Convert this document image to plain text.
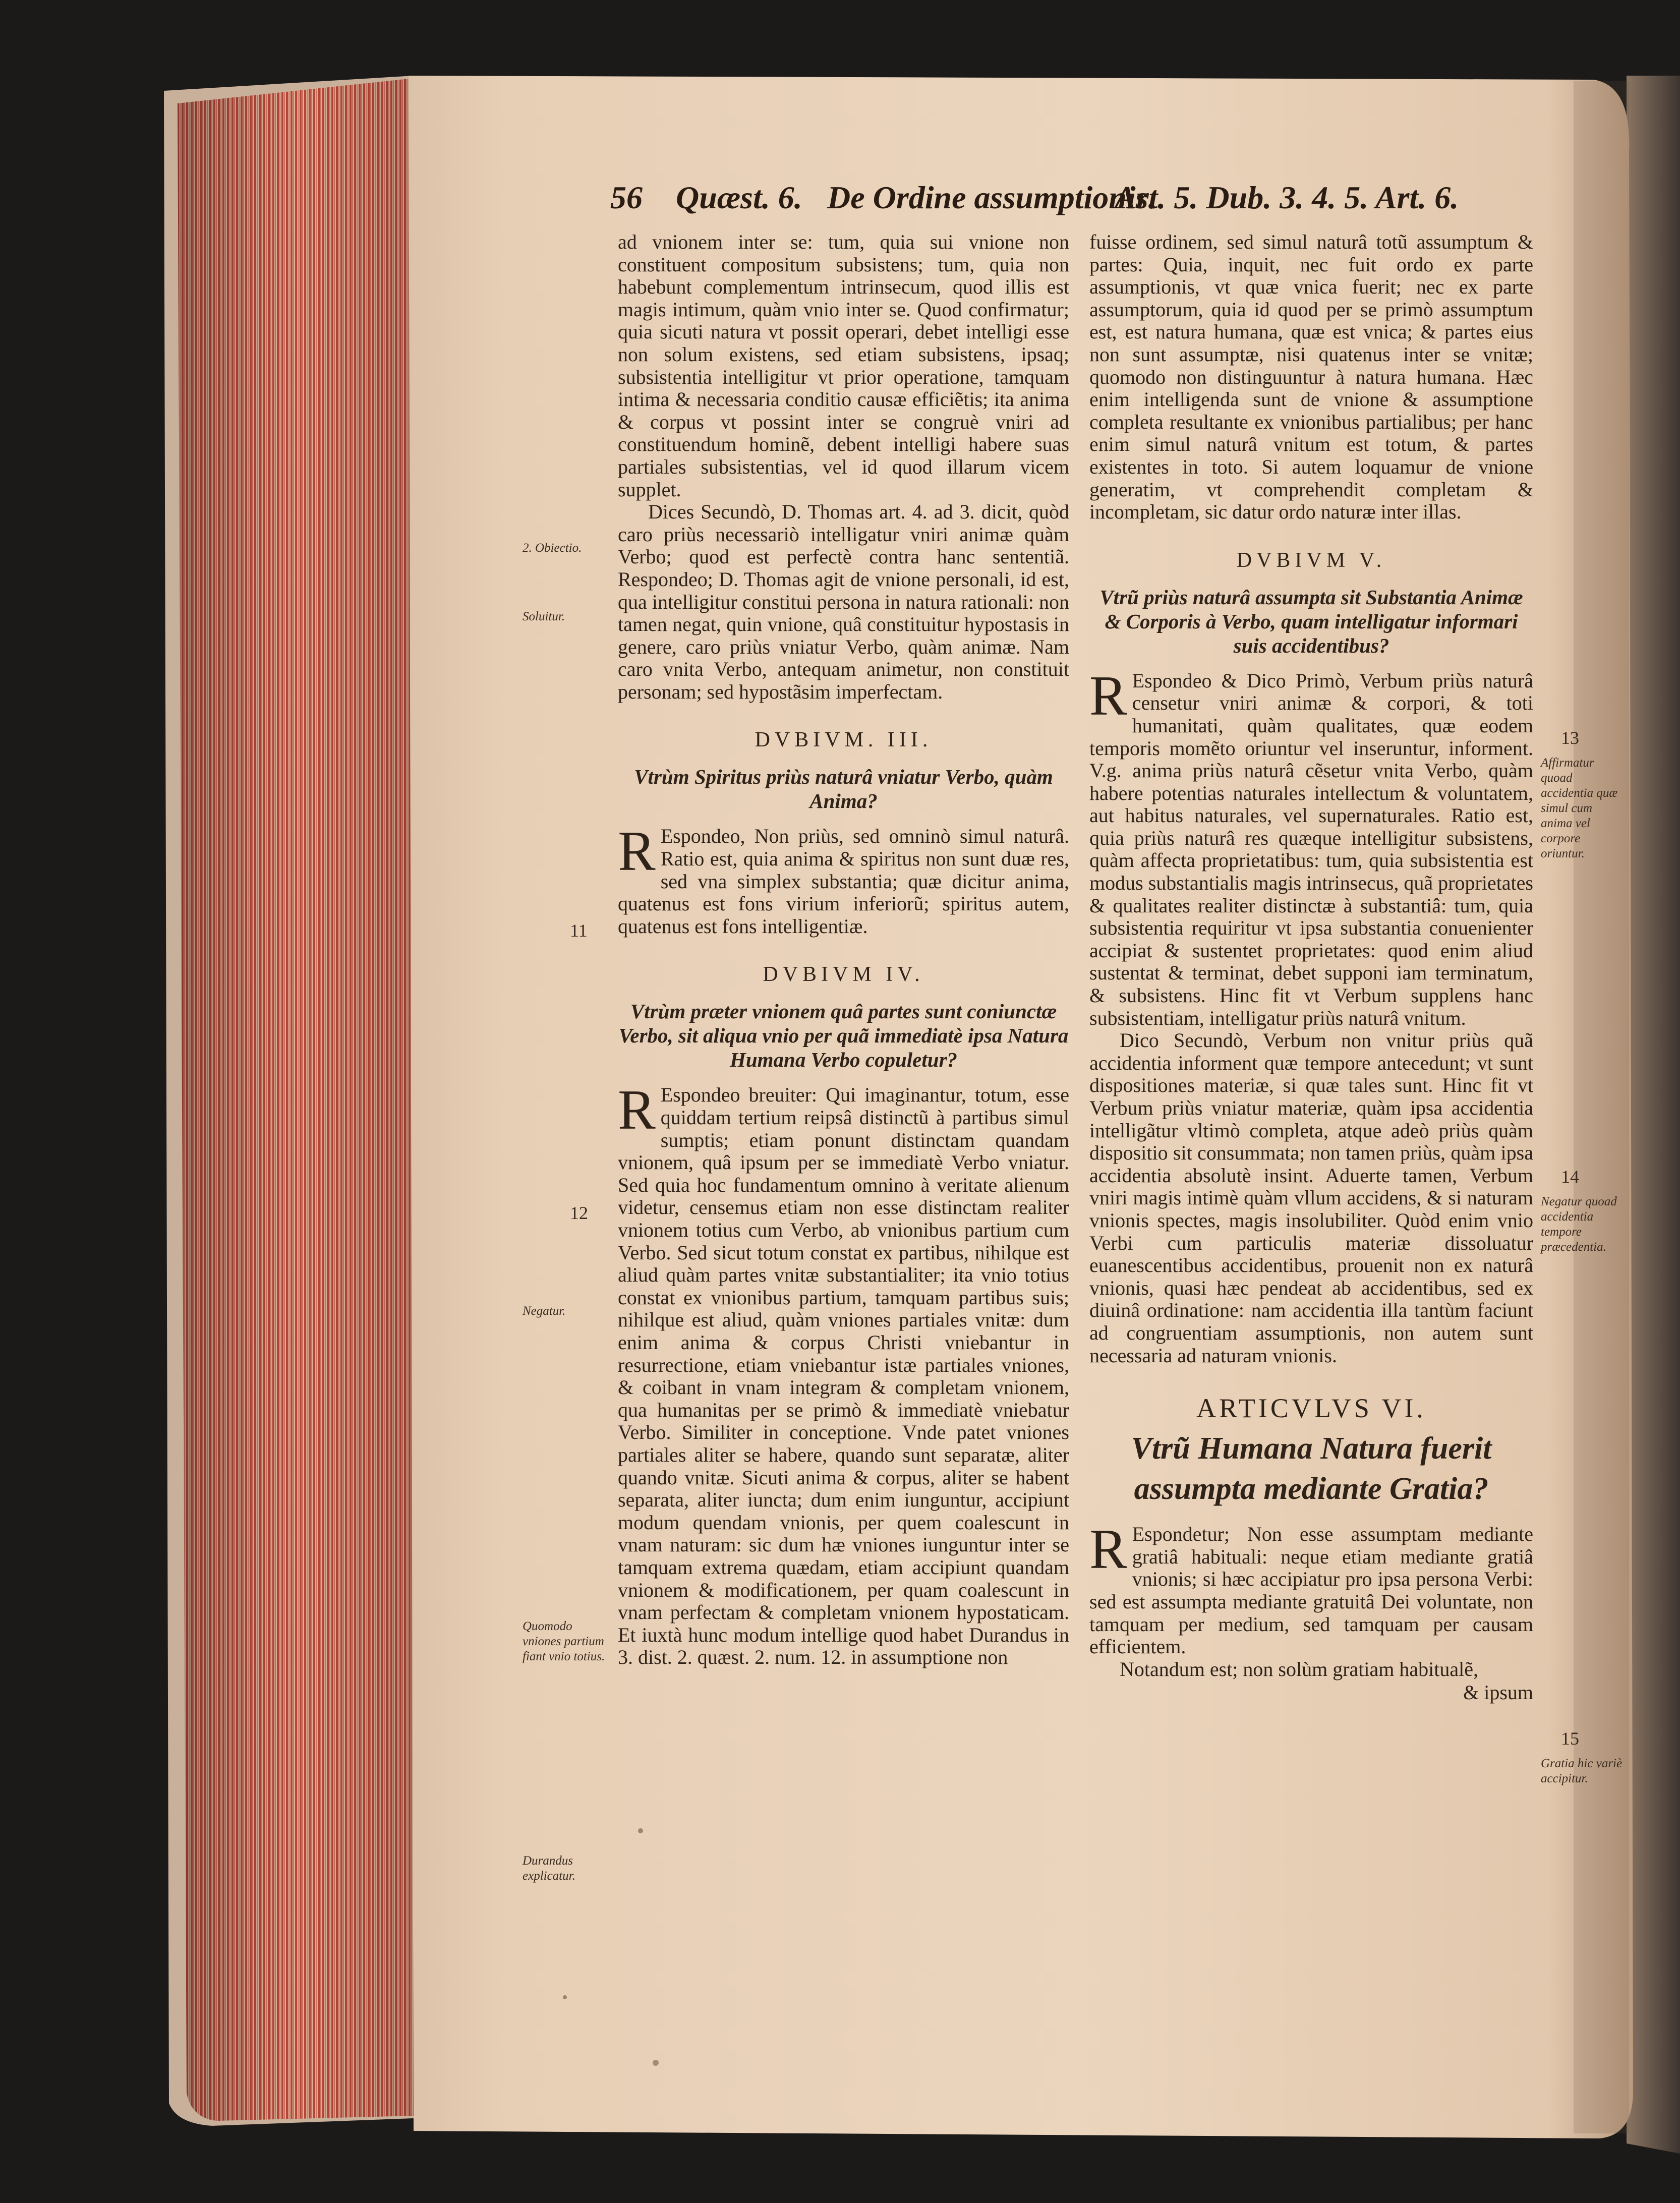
56 Quæst. 6. De Ordine assumptionis.
Art. 5. Dub. 3. 4. 5. Art. 6.

ad vnionem inter se: tum, quia sui vnione non constituent compositum subsistens; tum, quia non habebunt complementum intrinsecum, quod illis est magis intimum, quàm vnio inter se. Quod confirmatur; quia sicuti natura vt possit operari, debet intelligi esse non solum existens, sed etiam subsistens, ipsaq; subsistentia intelligitur vt prior operatione, tamquam intima & necessaria conditio causæ efficiẽtis; ita anima & corpus vt possint inter se congruè vniri ad constituendum hominẽ, debent intelligi habere suas partiales subsistentias, vel id quod illarum vicem supplet.

Dices Secundò, D. Thomas art. 4. ad 3. dicit, quòd caro priùs necessariò intelligatur vniri animæ quàm Verbo; quod est perfectè contra hanc sententiã. Respondeo; D. Thomas agit de vnione personali, id est, qua intelligitur constitui persona in natura rationali: non tamen negat, quin vnione, quâ constituitur hypostasis in genere, caro priùs vniatur Verbo, quàm animæ. Nam caro vnita Verbo, antequam animetur, non constituit personam; sed hypostãsim imperfectam.

DVBIVM. III.
Vtrùm Spiritus priùs naturâ vniatur Verbo, quàm Anima?

R Espondeo, Non priùs, sed omninò simul naturâ. Ratio est, quia anima & spiritus non sunt duæ res, sed vna simplex substantia; quæ dicitur anima, quatenus est fons virium inferiorũ; spiritus autem, quatenus est fons intelligentiæ.

DVBIVM IV.
Vtrùm præter vnionem quâ partes sunt coniunctæ Verbo, sit aliqua vnio per quã immediatè ipsa Natura Humana Verbo copuletur?

R Espondeo breuiter: Qui imaginantur, totum, esse quiddam tertium reipsâ distinctũ à partibus simul sumptis; etiam ponunt distinctam quandam vnionem, quâ ipsum per se immediatè Verbo vniatur. Sed quia hoc fundamentum omnino à veritate alienum videtur, censemus etiam non esse distinctam realiter vnionem totius cum Verbo, ab vnionibus partium cum Verbo. Sed sicut totum constat ex partibus, nihilque est aliud quàm partes vnitæ substantialiter; ita vnio totius constat ex vnionibus partium, tamquam partibus suis; nihilque est aliud, quàm vniones partiales vnitæ: dum enim anima & corpus Christi vniebantur in resurrectione, etiam vniebantur istæ partiales vniones, & coibant in vnam integram & completam vnionem, qua humanitas per se primò & immediatè vniebatur Verbo. Similiter in conceptione. Vnde patet vniones partiales aliter se habere, quando sunt separatæ, aliter quando vnitæ. Sicuti anima & corpus, aliter se habent separata, aliter iuncta; dum enim iunguntur, accipiunt modum quendam vnionis, per quem coalescunt in vnam naturam: sic dum hæ vniones iunguntur inter se tamquam extrema quædam, etiam accipiunt quandam vnionem & modificationem, per quam coalescunt in vnam perfectam & completam vnionem hypostaticam. Et iuxtà hunc modum intellige quod habet Durandus in 3. dist. 2. quæst. 2. num. 12. in assumptione non

fuisse ordinem, sed simul naturâ totũ assumptum & partes: Quia, inquit, nec fuit ordo ex parte assumptionis, vt quæ vnica fuerit; nec ex parte assumptorum, quia id quod per se primò assumptum est, est natura humana, quæ est vnica; & partes eius non sunt assumptæ, nisi quatenus inter se vnitæ; quomodo non distinguuntur à natura humana. Hæc enim intelligenda sunt de vnione & assumptione completa resultante ex vnionibus partialibus; per hanc enim simul naturâ vnitum est totum, & partes existentes in toto. Si autem loquamur de vnione generatim, vt comprehendit completam & incompletam, sic datur ordo naturæ inter illas.

DVBIVM V.
Vtrũ priùs naturâ assumpta sit Substantia Animæ & Corporis à Verbo, quam intelligatur informari suis accidentibus?

R Espondeo & Dico Primò, Verbum priùs naturâ censetur vniri animæ & corpori, & toti humanitati, quàm qualitates, quæ eodem temporis momẽto oriuntur vel inseruntur, informent. V.g. anima priùs naturâ cẽsetur vnita Verbo, quàm habere potentias naturales intellectum & voluntatem, aut habitus naturales, vel supernaturales. Ratio est, quia priùs naturâ res quæque intelligitur subsistens, quàm affecta proprietatibus: tum, quia subsistentia est modus substantialis magis intrinsecus, quã proprietates & qualitates realiter distinctæ à substantiâ: tum, quia subsistentia requiritur vt ipsa substantia conuenienter accipiat & sustentet proprietates: quod enim aliud sustentat & terminat, debet supponi iam terminatum, & subsistens. Hinc fit vt Verbum supplens hanc subsistentiam, intelligatur priùs naturâ vnitum.

Dico Secundò, Verbum non vnitur priùs quã accidentia informent quæ tempore antecedunt; vt sunt dispositiones materiæ, si quæ tales sunt. Hinc fit vt Verbum priùs vniatur materiæ, quàm ipsa accidentia intelligãtur vltimò completa, atque adeò priùs quàm dispositio sit consummata; non tamen priùs, quàm ipsa accidentia absolutè insint. Aduerte tamen, Verbum vniri magis intimè quàm vllum accidens, & si naturam vnionis spectes, magis insolubiliter. Quòd enim vnio Verbi cum particulis materiæ dissoluatur euanescentibus accidentibus, prouenit non ex naturâ vnionis, quasi hæc pendeat ab accidentibus, sed ex diuinâ ordinatione: nam accidentia illa tantùm faciunt ad congruentiam assumptionis, non autem sunt necessaria ad naturam vnionis.

ARTICVLVS VI.
Vtrũ Humana Natura fuerit assumpta mediante Gratia?

R Espondetur; Non esse assumptam mediante gratiâ habituali: neque etiam mediante gratiâ vnionis; si hæc accipiatur pro ipsa persona Verbi: sed est assumpta mediante gratuitâ Dei voluntate, non tamquam per medium, sed tamquam per causam efficientem.

Notandum est; non solùm gratiam habitualẽ,

& ipsum

2. Obiectio.
Soluitur.
11
12
Negatur.
Quomodo vniones partium fiant vnio totius.
Durandus explicatur.
13
Affirmatur quoad accidentia quæ simul cum anima vel corpore oriuntur.
14
Negatur quoad accidentia tempore præcedentia.
15
Gratia hic variè accipitur.
